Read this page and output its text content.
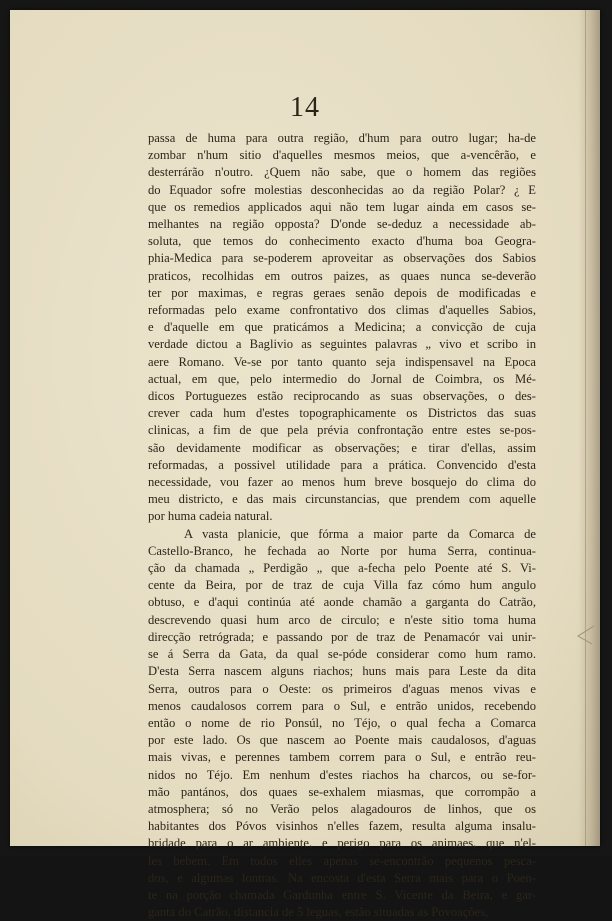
14
passa de huma para outra região, d'hum para outro lugar; ha-de
zombar n'hum sitio d'aquelles mesmos meios, que a-vencêrão, e
desterrárão n'outro. ¿Quem não sabe, que o homem das regiões
do Equador sofre molestias desconhecidas ao da região Polar? ¿ E
que os remedios applicados aqui não tem lugar ainda em casos se-
melhantes na região opposta? D'onde se-deduz a necessidade ab-
soluta, que temos do conhecimento exacto d'huma boa Geogra-
phia-Medica para se-poderem aproveitar as observações dos Sabios
praticos, recolhidas em outros paizes, as quaes nunca se-deverão
ter por maximas, e regras geraes senão depois de modificadas e
reformadas pelo exame confrontativo dos climas d'aquelles Sabios,
e d'aquelle em que praticámos a Medicina; a convicção de cuja
verdade dictou a Baglivio as seguintes palavras „ vivo et scribo in
aere Romano. Ve-se por tanto quanto seja indispensavel na Epoca
actual, em que, pelo intermedio do Jornal de Coimbra, os Mé-
dicos Portuguezes estão reciprocando as suas observações, o des-
crever cada hum d'estes topographicamente os Districtos das suas
clinicas, a fim de que pela prévia confrontação entre estes se-pos-
são devidamente modificar as observações; e tirar d'ellas, assim
reformadas, a possivel utilidade para a prática. Convencido d'esta
necessidade, vou fazer ao menos hum breve bosquejo do clima do
meu districto, e das mais circunstancias, que prendem com aquelle
por huma cadeia natural.
A vasta planicie, que fórma a maior parte da Comarca de
Castello-Branco, he fechada ao Norte por huma Serra, continua-
ção da chamada „ Perdigão „ que a-fecha pelo Poente até S. Vi-
cente da Beira, por de traz de cuja Villa faz cómo hum angulo
obtuso, e d'aqui continúa até aonde chamão a garganta do Catrão,
descrevendo quasi hum arco de circulo; e n'este sitio toma huma
direcção retrógrada; e passando por de traz de Penamacór vai unir-
se á Serra da Gata, da qual se-póde considerar como hum ramo.
D'esta Serra nascem alguns riachos; huns mais para Leste da dita
Serra, outros para o Oeste: os primeiros d'aguas menos vivas e
menos caudalosos correm para o Sul, e entrão unidos, recebendo
então o nome de rio Ponsúl, no Téjo, o qual fecha a Comarca
por este lado. Os que nascem ao Poente mais caudalosos, d'aguas
mais vivas, e perennes tambem correm para o Sul, e entrão reu-
nidos no Téjo. Em nenhum d'estes riachos ha charcos, ou se-for-
mão pantános, dos quaes se-exhalem miasmas, que corrompão a
atmosphera; só no Verão pelos alagadouros de linhos, que os
habitantes dos Póvos visinhos n'elles fazem, resulta alguma insalu-
bridade para o ar ambiente, e perigo para os animaes, que n'el-
les bebem. Em todos elles apenas se-encontrão pequenos pesca-
dos, e algumas lontras. Na encosta d'esta Serra mais para o Poen-
te na porção chamada Gardunha entre S. Vicente da Beira, e gar-
ganta do Catrão, distancia de 5 leguas, estão situadas as Povoações,
